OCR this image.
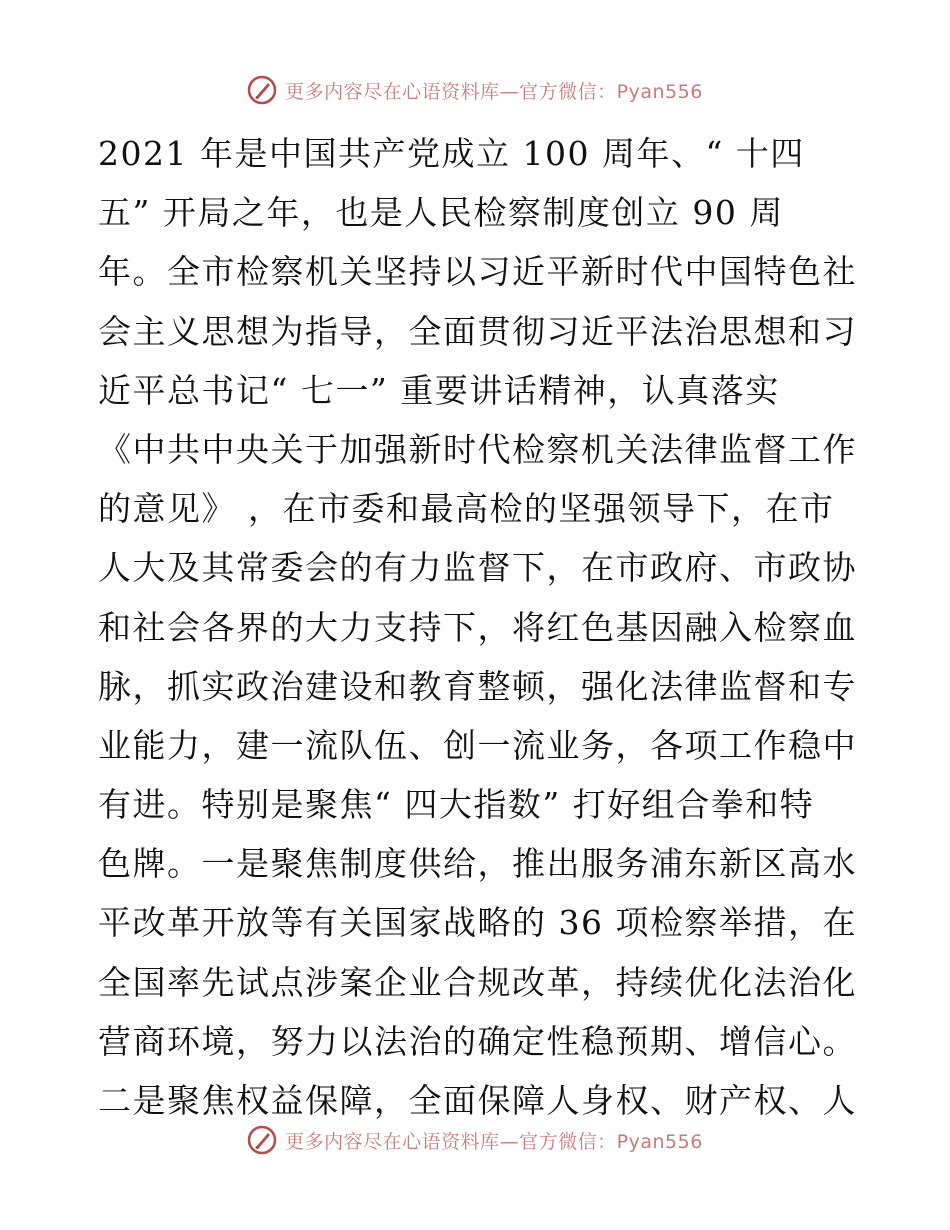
更多内容尽在心语资料库—官方微信：Pyan556
2021 年是中国共产党成立 100 周年、“ 十四
五” 开局之年，也是人民检察制度创立 90 周
年。全市检察机关坚持以习近平新时代中国特色社
会主义思想为指导，全面贯彻习近平法治思想和习
近平总书记“ 七一” 重要讲话精神，认真落实
《中共中央关于加强新时代检察机关法律监督工作
的意见》 ，在市委和最高检的坚强领导下，在市
人大及其常委会的有力监督下，在市政府、市政协
和社会各界的大力支持下，将红色基因融入检察血
脉，抓实政治建设和教育整顿，强化法律监督和专
业能力，建一流队伍、创一流业务，各项工作稳中
有进。特别是聚焦“ 四大指数” 打好组合拳和特
色牌。一是聚焦制度供给，推出服务浦东新区高水
平改革开放等有关国家战略的 36 项检察举措，在
全国率先试点涉案企业合规改革，持续优化法治化
营商环境，努力以法治的确定性稳预期、增信心。
二是聚焦权益保障，全面保障人身权、财产权、人
更多内容尽在心语资料库—官方微信：Pyan556
